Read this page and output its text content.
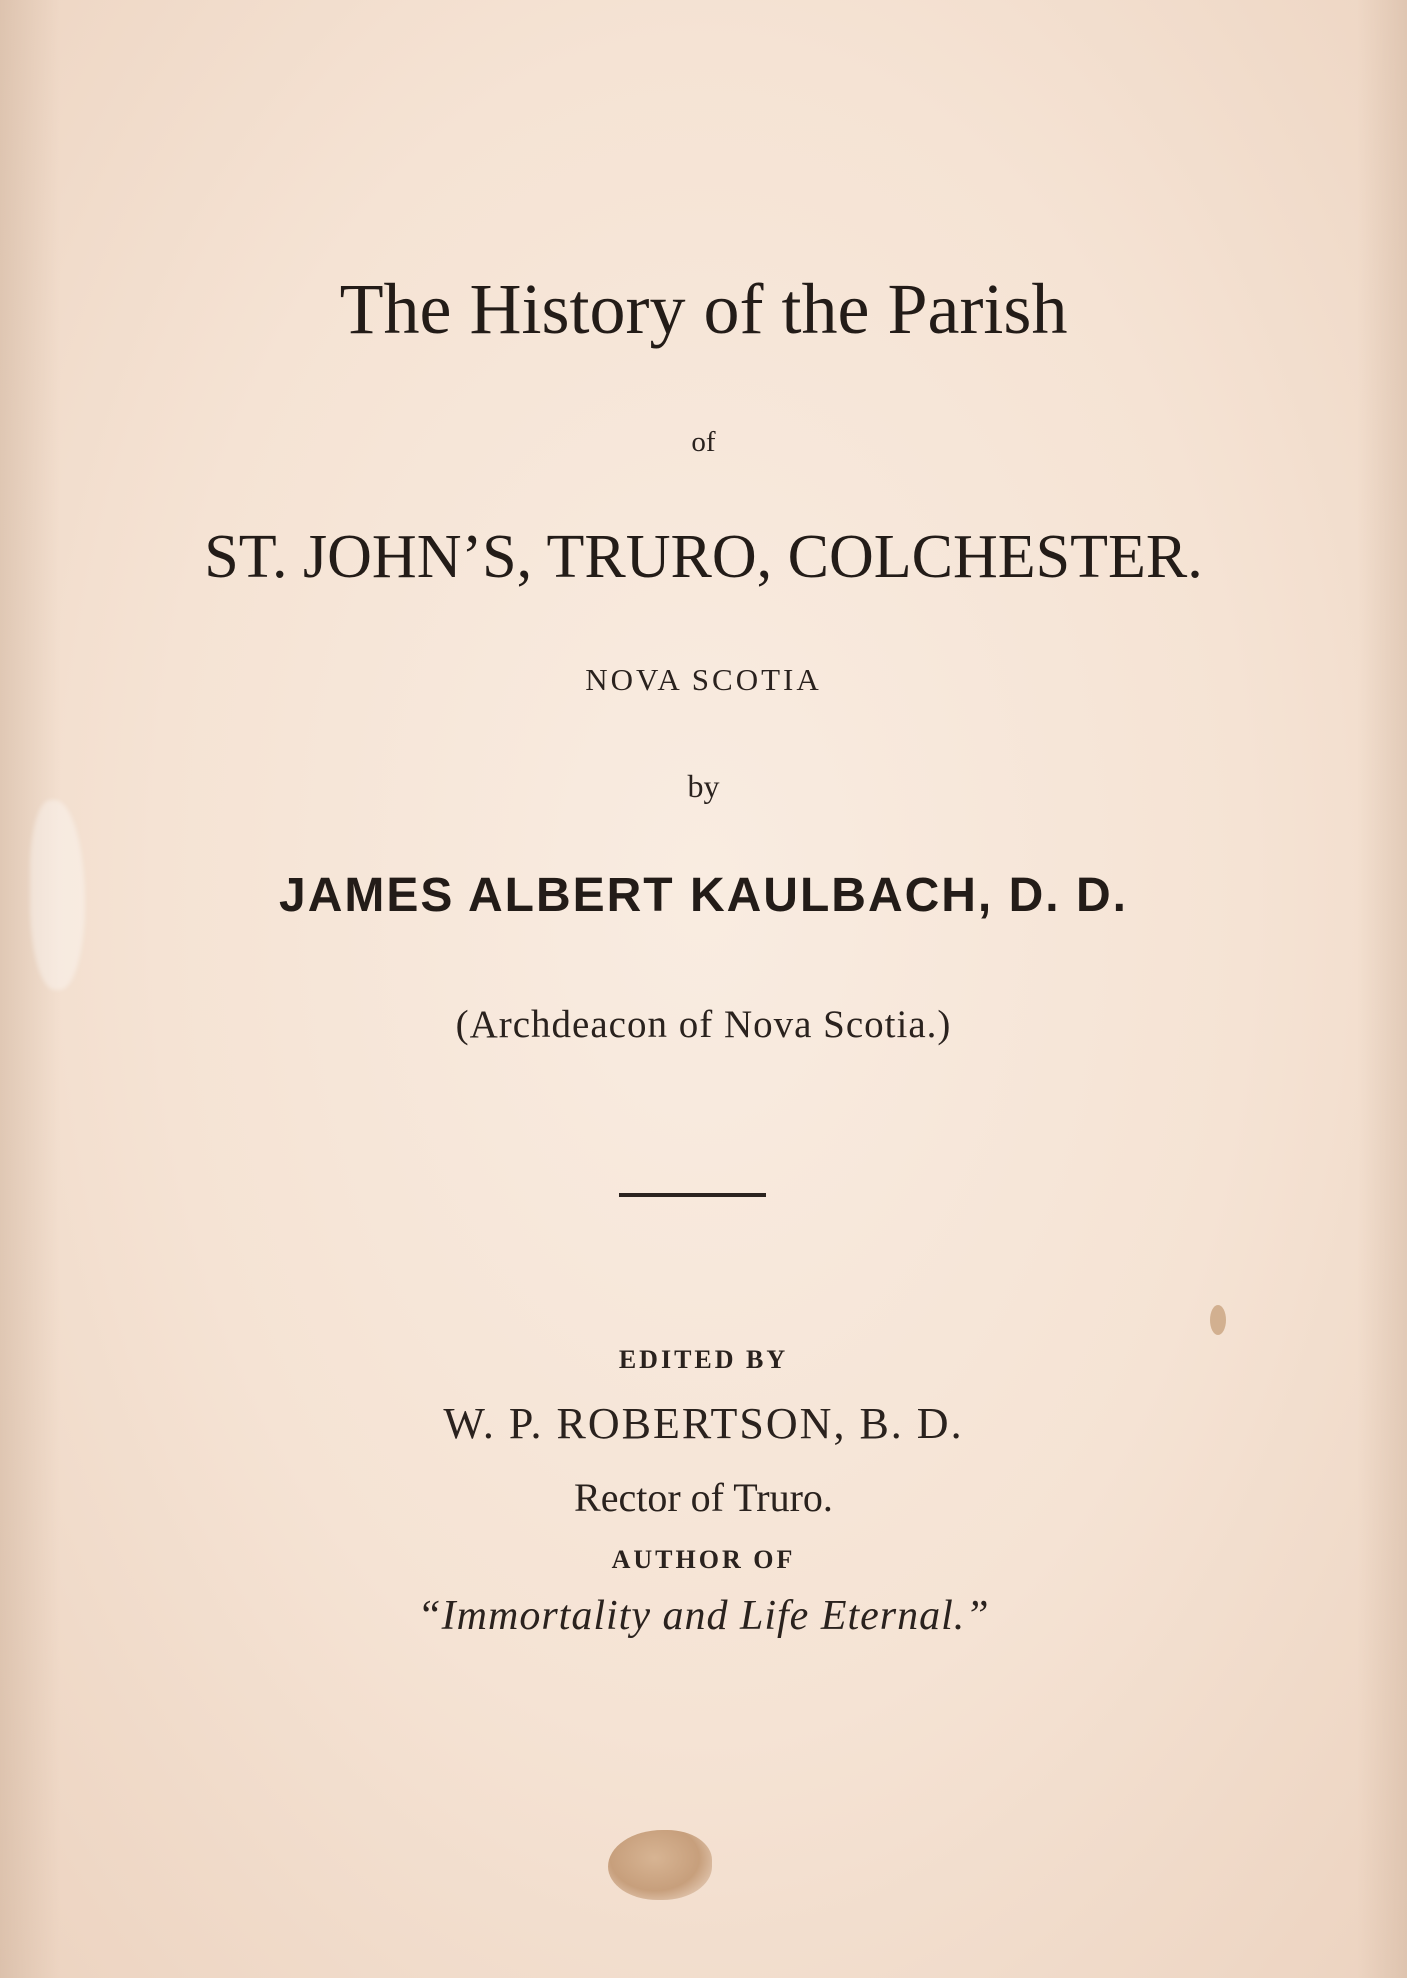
The History of the Parish
of
ST. JOHN’S, TRURO, COLCHESTER.
NOVA SCOTIA
by
JAMES ALBERT KAULBACH, D. D.
(Archdeacon of Nova Scotia.)
EDITED BY
W. P. ROBERTSON, B. D.
Rector of Truro.
AUTHOR OF
“Immortality and Life Eternal.”
